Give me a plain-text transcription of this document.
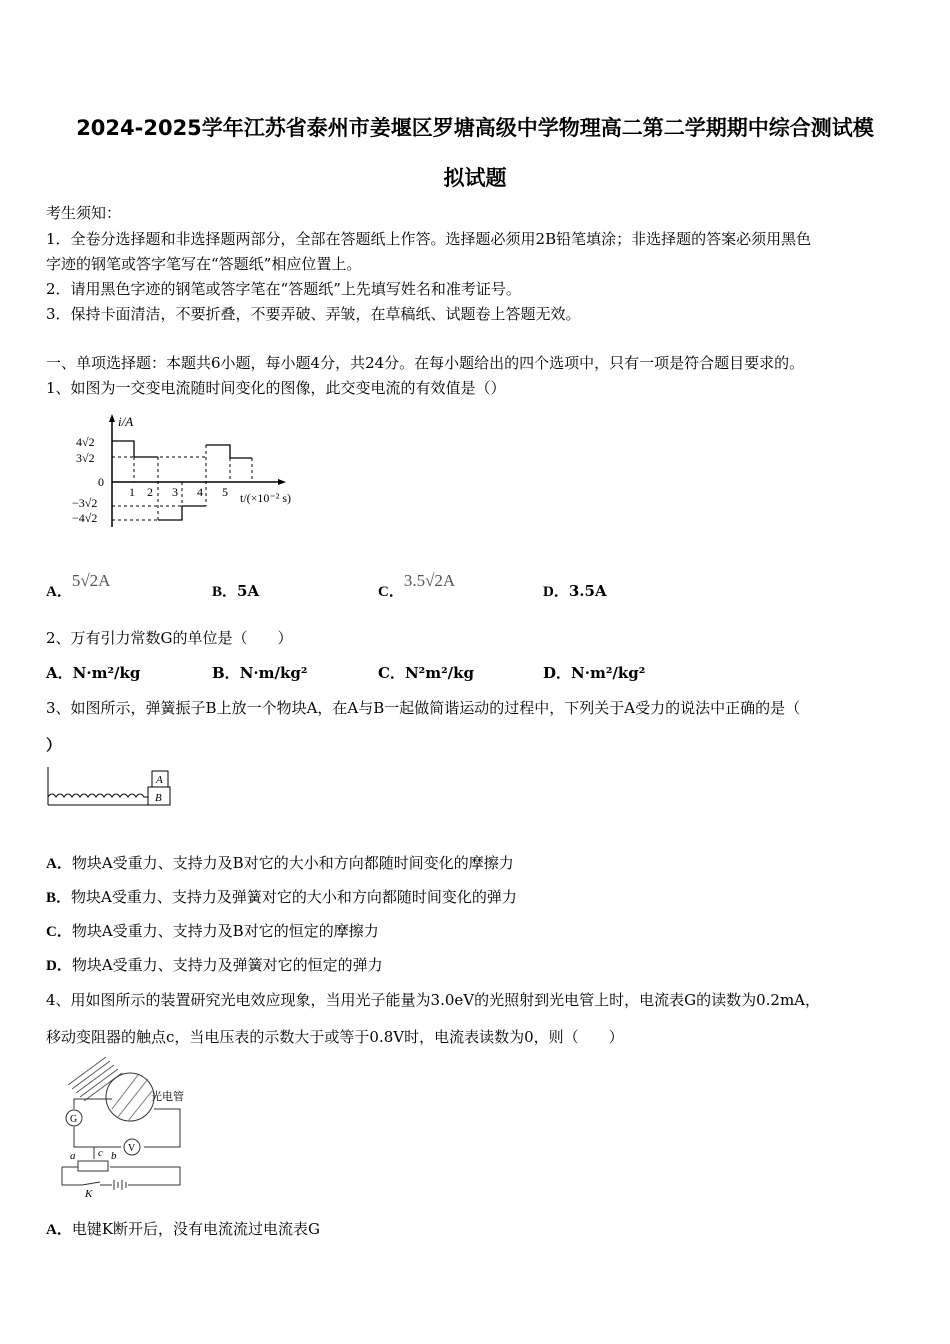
2024-2025学年江苏省泰州市姜堰区罗塘高级中学物理高二第二学期期中综合测试模
拟试题
考生须知：
1．全卷分选择题和非选择题两部分，全部在答题纸上作答。选择题必须用2B铅笔填涂；非选择题的答案必须用黑色
字迹的钢笔或答字笔写在“答题纸”相应位置上。
2．请用黑色字迹的钢笔或答字笔在“答题纸”上先填写姓名和准考证号。
3．保持卡面清洁，不要折叠，不要弄破、弄皱，在草稿纸、试题卷上答题无效。
一、单项选择题：本题共6小题，每小题4分，共24分。在每小题给出的四个选项中，只有一项是符合题目要求的。
1、如图为一交变电流随时间变化的图像，此交变电流的有效值是（）
i/A
4√2
3√2
0
−3√2
−4√2
1 2 3 4 5 t/(×10⁻² s)
A．5√2A
B．5A	C．3.5√2A
D．3.5A
2、万有引力常数G的单位是（　　）
A．N·m²/kg	B．N·m/kg²	C．N²m²/kg	D．N·m²/kg²
3、如图所示，弹簧振子B上放一个物块A，在A与B一起做简谐运动的过程中，下列关于A受力的说法中正确的是（
）
A
B
A．物块A受重力、支持力及B对它的大小和方向都随时间变化的摩擦力
B．物块A受重力、支持力及弹簧对它的大小和方向都随时间变化的弹力
C．物块A受重力、支持力及B对它的恒定的摩擦力
D．物块A受重力、支持力及弹簧对它的恒定的弹力
4、用如图所示的装置研究光电效应现象，当用光子能量为3.0eV的光照射到光电管上时，电流表G的读数为0.2mA，
移动变阻器的触点c，当电压表的示数大于或等于0.8V时，电流表读数为0，则（　　）
光电管
G
V
a c b
K
A．电键K断开后，没有电流流过电流表G
